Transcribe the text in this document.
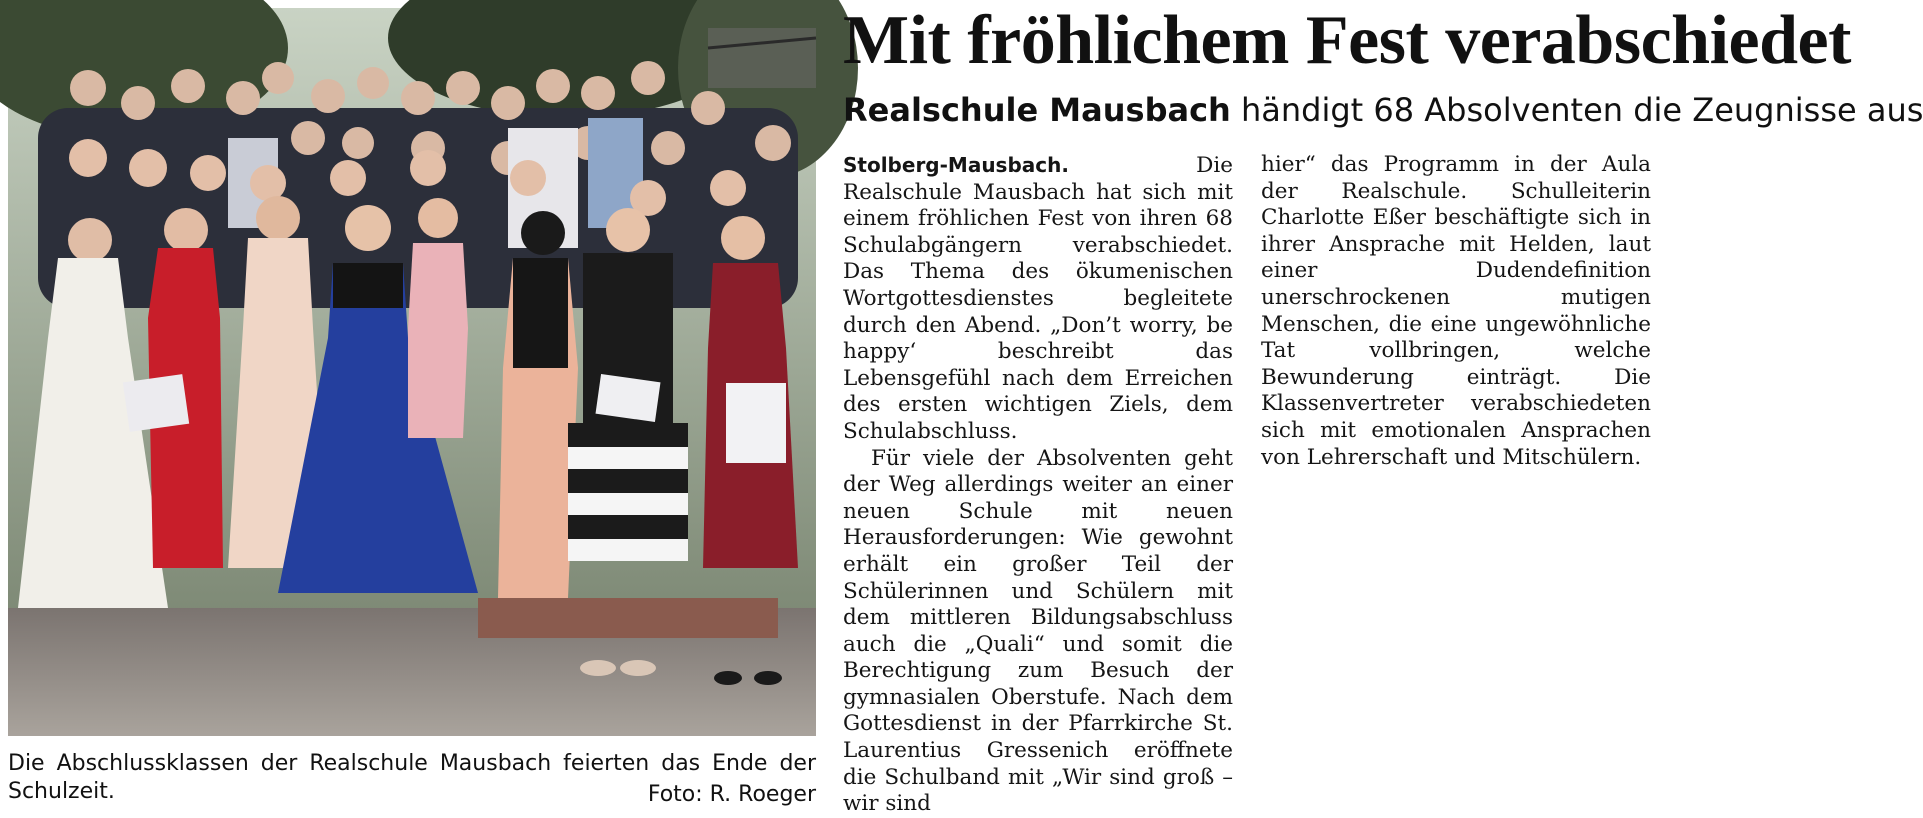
Die Abschlussklassen der Realschule Mausbach feierten das Ende der Schulzeit.	Foto: R. Roeger
Mit fröhlichem Fest verabschiedet
Realschule Mausbach händigt 68 Absolventen die Zeugnisse aus

Stolberg-Mausbach. Die Realschule Mausbach hat sich mit einem fröhlichen Fest von ihren 68 Schulabgängern verabschiedet. Das Thema des ökumenischen Wortgottesdienstes begleitete durch den Abend. „Don’t worry, be happy‘ beschreibt das Lebensgefühl nach dem Erreichen des ersten wichtigen Ziels, dem Schulabschluss.

Für viele der Absolventen geht der Weg allerdings weiter an einer neuen Schule mit neuen Herausforderungen: Wie gewohnt erhält ein großer Teil der Schülerinnen und Schülern mit dem mittleren Bildungsabschluss auch die „Quali“ und somit die Berechtigung zum Besuch der gymnasialen Oberstufe. Nach dem Gottesdienst in der Pfarrkirche St. Laurentius Gressenich eröffnete die Schulband mit „Wir sind groß – wir sind

hier“ das Programm in der Aula der Realschule. Schulleiterin Charlotte Eßer beschäftigte sich in ihrer Ansprache mit Helden, laut einer Dudendefinition unerschrockenen mutigen Menschen, die eine ungewöhnliche Tat vollbringen, welche Bewunderung einträgt. Die Klassenvertreter verabschiedeten sich mit emotionalen Ansprachen von Lehrerschaft und Mitschülern.
